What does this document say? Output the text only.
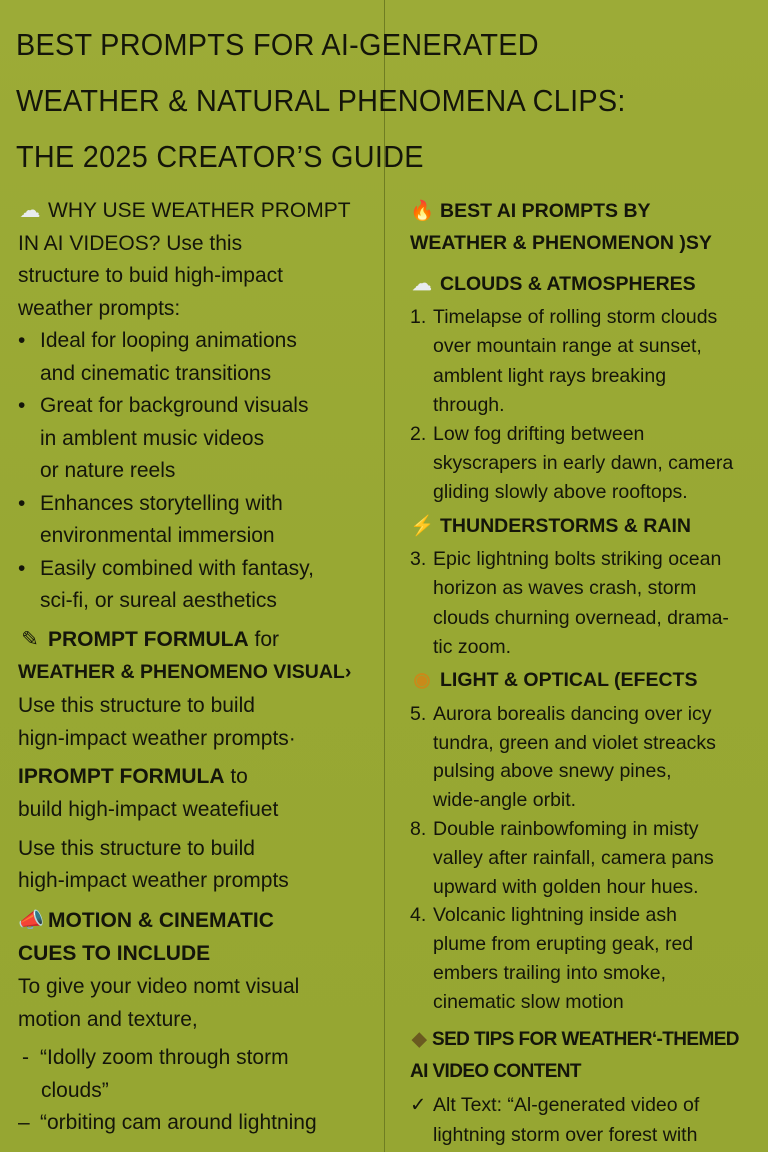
BEST PROMPTS FOR AI-GENERATED
WEATHER & NATURAL PHENOMENA CLIPS:
THE 2025 CREATOR’S GUIDE
☁ WHY USE WEATHER PROMPT
IN AI VIDEOS? Use this
structure to buid high-impact
weather prompts:
• Ideal for looping animations
and cinematic transitions
• Great for background visuals
in amblent music videos
or nature reels
• Enhances storytelling with
environmental immersion
• Easily combined with fantasy,
sci-fi, or sureal aesthetics
✎ PROMPT FORMULA for
WEATHER & PHENOMENO VISUAL›
Use this structure to build
hign-impact weather prompts·
IPROMPT FORMULA to
build high-impact weatefiuet
Use this structure to build
high-impact weather prompts
📣 MOTION & CINEMATIC
CUES TO INCLUDE
To give your video nomt visual
motion and texture,
- “Idolly zoom through storm
clouds”
– “orbiting cam around lightning
🔥 BEST AI PROMPTS BY
WEATHER & PHENOMENON )SY
☁ CLOUDS & ATMOSPHERES
1. Timelapse of rolling storm clouds
over mountain range at sunset,
amblent light rays breaking
through.
2. Low fog drifting between
skyscrapers in early dawn, camera
gliding slowly above rooftops.
⚡ THUNDERSTORMS & RAIN
3. Epic lightning bolts striking ocean
horizon as waves crash, storm
clouds churning overnead, drama-
tic zoom.
◉ LIGHT & OPTICAL (EFECTS
5. Aurora borealis dancing over icy
tundra, green and violet streacks
pulsing above snewy pines,
wide-angle orbit.
8. Double rainbowfoming in misty
valley after rainfall, camera pans
upward with golden hour hues.
4. Volcanic lightning inside ash
plume from erupting geak, red
embers trailing into smoke,
cinematic slow motion
◆ SED TIPS FOR WEATHER‘-THEMED
AI VIDEO CONTENT
✓ Alt Text: “Al-generated video of
lightning storm over forest with
